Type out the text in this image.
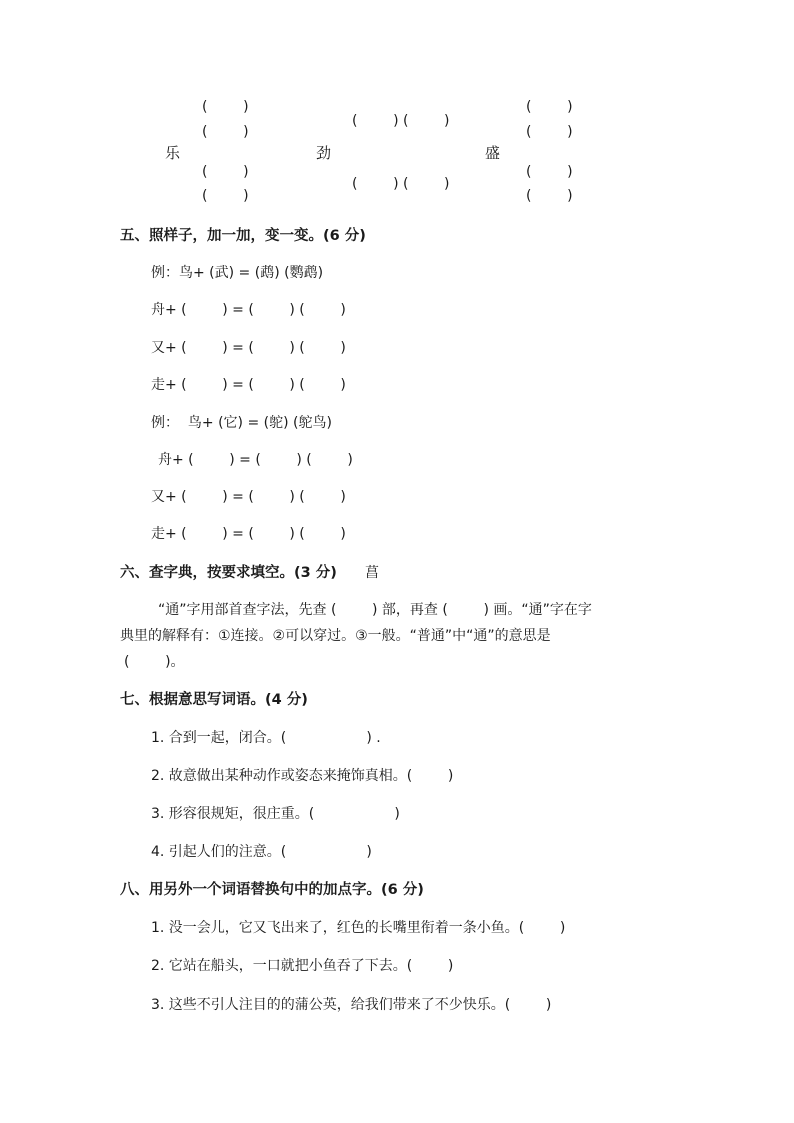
(        )
(        )
乐
(        )
(        )
(        ) (        )
劲
(        ) (        )
(        )
(        )
盛
(        )
(        )
五、照样子，加一加，变一变。(6 分)
例：鸟+ (武) = (鹉) (鹦鹉)
舟+ (        ) = (        ) (        )
又+ (        ) = (        ) (        )
走+ (        ) = (        ) (        )
例：  鸟+ (它) = (鸵) (鸵鸟)
舟+ (        ) = (        ) (        )
又+ (        ) = (        ) (        )
走+ (        ) = (        ) (        )
六、查字典，按要求填空。(3 分) 菖
“通”字用部首查字法，先查 (        ) 部，再查 (        ) 画。“通”字在字
典里的解释有：①连接。②可以穿过。③一般。“普通”中“通”的意思是
(        )。
七、根据意思写词语。(4 分)
1. 合到一起，闭合。(                  ) .
2. 故意做出某种动作或姿态来掩饰真相。(        )
3. 形容很规矩，很庄重。(                  )
4. 引起人们的注意。(                  )
八、用另外一个词语替换句中的加点字。(6 分)
1. 没一会儿，它又飞出来了，红色的长嘴里衔着一条小鱼。(        )
2. 它站在船头，一口就把小鱼吞了下去。(        )
3. 这些不引人注目的的蒲公英，给我们带来了不少快乐。(        )
